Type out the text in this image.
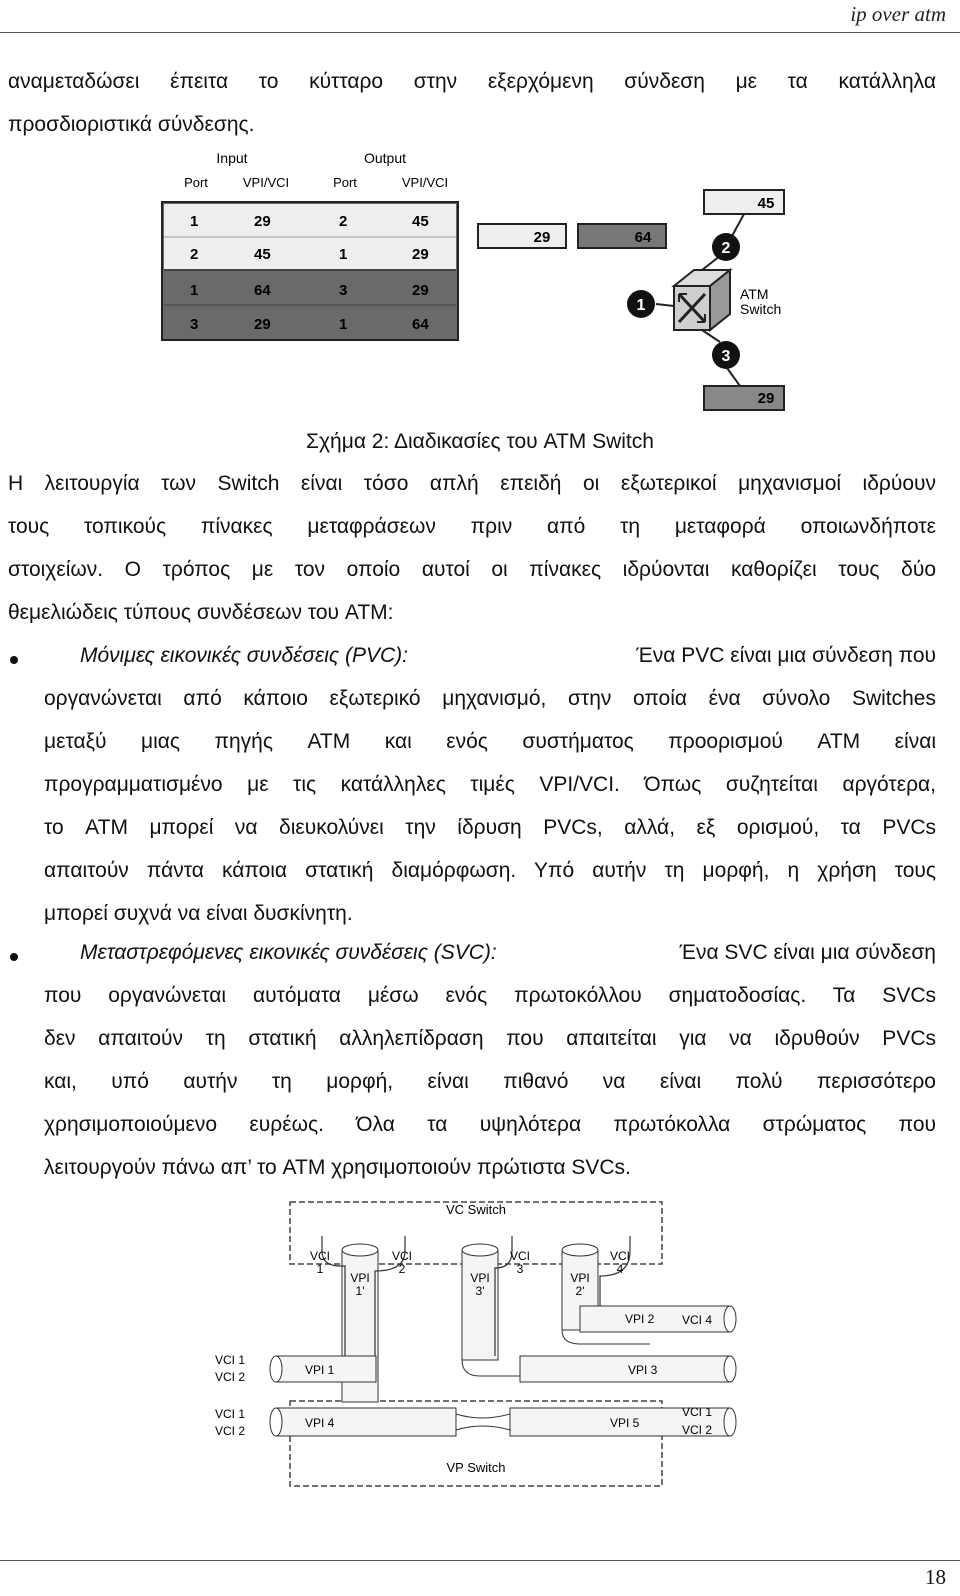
ip over atm
αναμεταδώσει έπειτα το κύτταρο στην εξερχόμενη σύνδεση με τα κατάλληλα
προσδιοριστικά σύνδεσης.
Input	Output
Port	VPI/VCI	Port	VPI/VCI
1	29	2	45
2	45	1	29
1	64	3	29
3	29	1	64
29	64
45
29
1
2
3
ATM
Switch
Σχήμα 2: Διαδικασίες του ATM Switch
Η λειτουργία των Switch είναι τόσο απλή επειδή οι εξωτερικοί μηχανισμοί ιδρύουν
τους τοπικούς πίνακες μεταφράσεων πριν από τη μεταφορά οποιωνδήποτε
στοιχείων. Ο τρόπος με τον οποίο αυτοί οι πίνακες ιδρύονται καθορίζει τους δύο
θεμελιώδεις τύπους συνδέσεων του ATM:
Μόνιμες εικονικές συνδέσεις (PVC):	Ένα PVC είναι μια σύνδεση που
οργανώνεται από κάποιο εξωτερικό μηχανισμό, στην οποία ένα σύνολο Switches
μεταξύ μιας πηγής ATM και ενός συστήματος προορισμού ATM είναι
προγραμματισμένο με τις κατάλληλες τιμές VPI/VCI. Όπως συζητείται αργότερα,
το ATM μπορεί να διευκολύνει την ίδρυση PVCs, αλλά, εξ ορισμού, τα PVCs
απαιτούν πάντα κάποια στατική διαμόρφωση. Υπό αυτήν τη μορφή, η χρήση τους
μπορεί συχνά να είναι δυσκίνητη.
Μεταστρεφόμενες εικονικές συνδέσεις (SVC):	Ένα SVC είναι μια σύνδεση
που οργανώνεται αυτόματα μέσω ενός πρωτοκόλλου σηματοδοσίας. Τα SVCs
δεν απαιτούν τη στατική αλληλεπίδραση που απαιτείται για να ιδρυθούν PVCs
και, υπό αυτήν τη μορφή, είναι πιθανό να είναι πολύ περισσότερο
χρησιμοποιούμενο ευρέως. Όλα τα υψηλότερα πρωτόκολλα στρώματος που
λειτουργούν πάνω απ’ το ATM χρησιμοποιούν πρώτιστα SVCs.
VC Switch
VP Switch
VCI
1
VCI
2
VCI
3
VCI
4
VPI
1'
VPI
3'
VPI
2'
VPI 2 VCI 4
VPI 1	VPI 3
VPI 4	VPI 5
VCI 1
VCI 2
VCI 1
VCI 2
VCI 1
VCI 2
18
